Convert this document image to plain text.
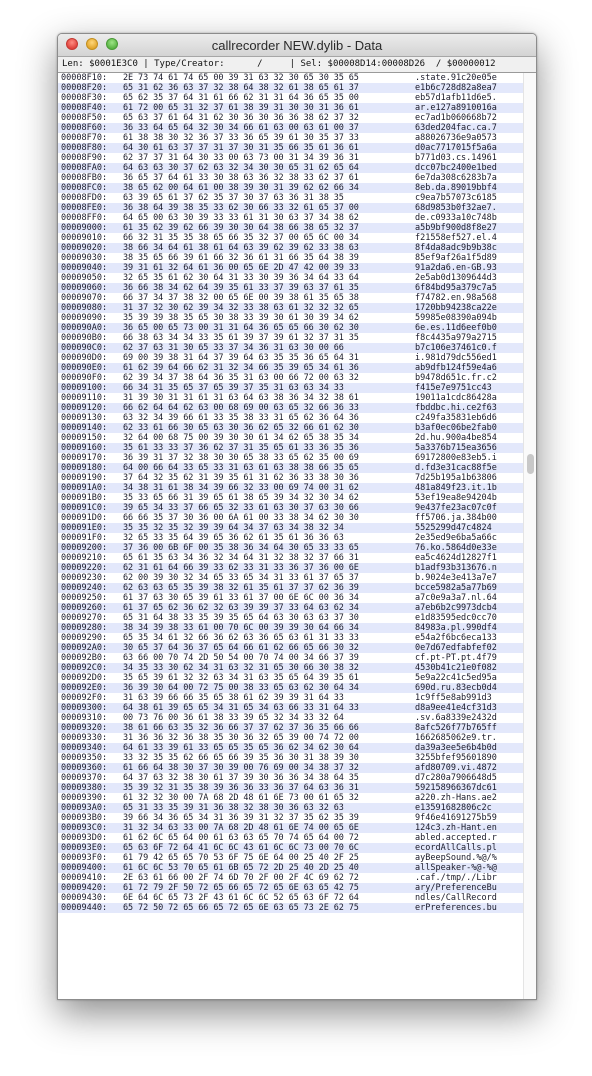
callrecorder NEW.dylib - Data
Len: $0001E3C0 | Type/Creator:      /     | Sel: $00008D14:00008D26  / $00000012
00008F10: 2E 73 74 61 74 65 00 39 31 63 32 30 65 30 35 65	.state.91c20e05e
00008F20: 65 31 62 36 63 37 32 38 64 38 32 61 38 65 61 37	e1b6c728d82a8ea7
00008F30: 65 62 35 37 64 31 61 66 62 31 31 64 36 65 35 00	eb57d1afb11d6e5.
00008F40: 61 72 00 65 31 32 37 61 38 39 31 30 30 31 36 61	ar.e127a8910016a
00008F50: 65 63 37 61 64 31 62 30 36 30 36 36 38 62 37 32	ec7ad1b060668b72
00008F60: 36 33 64 65 64 32 30 34 66 61 63 00 63 61 00 37	63ded204fac.ca.7
00008F70: 61 38 38 30 32 36 37 33 36 65 39 61 30 35 37 33	a88026736e9a0573
00008F80: 64 30 61 63 37 37 31 37 30 31 35 66 35 61 36 61	d0ac7717015f5a6a
00008F90: 62 37 37 31 64 30 33 00 63 73 00 31 34 39 36 31	b771d03.cs.14961
00008FA0: 64 63 63 30 37 62 63 32 34 30 30 65 31 62 65 64	dcc07bc2400e1bed
00008FB0: 36 65 37 64 61 33 30 38 63 36 32 38 33 62 37 61	6e7da308c6283b7a
00008FC0: 38 65 62 00 64 61 00 38 39 30 31 39 62 62 66 34	8eb.da.89019bbf4
00008FD0: 63 39 65 61 37 62 35 37 30 37 63 36 31 38 35	c9ea7b57073c6185
00008FE0: 36 38 64 39 38 35 33 62 30 66 33 32 61 65 37 00	68d9853b0f32ae7.
00008FF0: 64 65 00 63 30 39 33 33 61 31 30 63 37 34 38 62	de.c0933a10c748b
00009000: 61 35 62 39 62 66 39 30 30 64 38 66 38 65 32 37	a5b9bf900d8f8e27
00009010: 66 32 31 35 35 38 65 66 35 32 37 00 65 6C 00 34	f21558ef527.el.4
00009020: 38 66 34 64 61 38 61 64 63 39 62 39 62 33 38 63	8f4da8adc9b9b38c
00009030: 38 35 65 66 39 61 66 32 36 61 31 66 35 64 38 39	85ef9af26a1f5d89
00009040: 39 31 61 32 64 61 36 00 65 6E 2D 47 42 00 39 33	91a2da6.en-GB.93
00009050: 32 65 35 61 62 30 64 31 33 30 39 36 34 64 33 64	2e5ab0d1309644d3
00009060: 36 66 38 34 62 64 39 35 61 33 37 39 63 37 61 35	6f84bd95a379c7a5
00009070: 66 37 34 37 38 32 00 65 6E 00 39 38 61 35 65 38	f74782.en.98a568
00009080: 31 37 32 30 62 39 34 32 33 38 63 61 32 32 32 65	1720bb94238ca22e
00009090: 35 39 39 38 35 65 30 38 33 39 30 61 30 39 34 62	59985e08390a094b
000090A0: 36 65 00 65 73 00 31 31 64 36 65 65 66 30 62 30	6e.es.11d6eef0b0
000090B0: 66 38 63 34 34 33 35 61 39 37 39 61 32 37 31 35	f8c4435a979a2715
000090C0: 62 37 63 31 30 65 33 37 34 36 31 63 30 00 66	b7c106e37461c0.f
000090D0: 69 00 39 38 31 64 37 39 64 63 35 35 36 65 64 31	i.981d79dc556ed1
000090E0: 61 62 39 64 66 62 31 32 34 66 35 39 65 34 61 36	ab9dfb124f59e4a6
000090F0: 62 39 34 37 38 64 36 35 31 63 00 66 72 00 63 32	b9478d651c.fr.c2
00009100: 66 34 31 35 65 37 65 39 37 35 31 63 63 34 33	f415e7e9751cc43
00009110: 31 39 30 31 31 61 31 63 64 63 38 36 34 32 38 61	19011a1cdc86428a
00009120: 66 62 64 64 62 63 00 68 69 00 63 65 32 66 36 33	fbddbc.hi.ce2f63
00009130: 63 32 34 39 66 61 33 35 38 33 31 65 62 36 64 36	c249fa35831eb6d6
00009140: 62 33 61 66 30 65 63 30 36 62 65 32 66 61 62 30	b3af0ec06be2fab0
00009150: 32 64 00 68 75 00 39 30 30 61 34 62 65 38 35 34	2d.hu.900a4be854
00009160: 35 61 33 33 37 36 62 37 31 35 65 61 33 36 35 36	5a3376b715ea3656
00009170: 36 39 31 37 32 38 30 30 65 38 33 65 62 35 00 69	69172800e83eb5.i
00009180: 64 00 66 64 33 65 33 31 63 61 63 38 38 66 35 65	d.fd3e31cac88f5e
00009190: 37 64 32 35 62 31 39 35 61 31 62 36 33 38 30 36	7d25b195a1b63806
000091A0: 34 38 31 61 38 34 39 66 32 33 00 69 74 00 31 62	481a849f23.it.1b
000091B0: 35 33 65 66 31 39 65 61 38 65 39 34 32 30 34 62	53ef19ea8e94204b
000091C0: 39 65 34 33 37 66 65 32 33 61 63 30 37 63 30 66	9e437fe23ac07c0f
000091D0: 66 66 35 37 30 36 00 6A 61 00 33 38 34 62 30 30	ff5706.ja.384b00
000091E0: 35 35 32 35 32 39 39 64 34 37 63 34 38 32 34	5525299d47c4824
000091F0: 32 65 33 35 64 39 65 36 62 61 35 61 36 36 63	2e35ed9e6ba5a66c
00009200: 37 36 00 6B 6F 00 35 38 36 34 64 30 65 33 33 65	76.ko.5864d0e33e
00009210: 65 61 35 63 34 36 32 34 64 31 32 38 32 37 66 31	ea5c4624d12827f1
00009220: 62 31 61 64 66 39 33 62 33 31 33 36 37 36 00 6E	b1adf93b313676.n
00009230: 62 00 39 30 32 34 65 33 65 34 31 33 61 37 65 37	b.9024e3e413a7e7
00009240: 62 63 63 65 35 39 38 32 61 35 61 37 37 62 36 39	bcce5982a5a77b69
00009250: 61 37 63 30 65 39 61 33 61 37 00 6E 6C 00 36 34	a7c0e9a3a7.nl.64
00009260: 61 37 65 62 36 62 32 63 39 39 37 33 64 63 62 34	a7eb6b2c9973dcb4
00009270: 65 31 64 38 33 35 39 35 65 64 63 30 63 63 37 30	e1d83595edc0cc70
00009280: 38 34 39 38 33 61 00 70 6C 00 39 39 30 64 66 34	84983a.pl.990df4
00009290: 65 35 34 61 32 66 36 62 63 36 65 63 61 31 33 33	e54a2f6bc6eca133
000092A0: 30 65 37 64 36 37 65 64 66 61 62 66 65 66 30 32	0e7d67edfabfef02
000092B0: 63 66 00 70 74 2D 50 54 00 70 74 00 34 66 37 39	cf.pt-PT.pt.4f79
000092C0: 34 35 33 30 62 34 31 63 32 31 65 30 66 30 38 32	4530b41c21e0f082
000092D0: 35 65 39 61 32 32 63 34 31 63 35 65 64 39 35 61	5e9a22c41c5ed95a
000092E0: 36 39 30 64 00 72 75 00 38 33 65 63 62 30 64 34	690d.ru.83ecb0d4
000092F0: 31 63 39 66 66 35 65 38 61 62 39 39 31 64 33	1c9ff5e8ab991d3
00009300: 64 38 61 39 65 65 34 31 65 34 63 66 33 31 64 33	d8a9ee41e4cf31d3
00009310: 00 73 76 00 36 61 38 33 39 65 32 34 33 32 64	.sv.6a8339e2432d
00009320: 38 61 66 63 35 32 36 66 37 37 62 37 36 35 66 66	8afc526f77b765ff
00009330: 31 36 36 32 36 38 35 30 36 32 65 39 00 74 72 00	1662685062e9.tr.
00009340: 64 61 33 39 61 33 65 65 35 65 36 62 34 62 30 64	da39a3ee5e6b4b0d
00009350: 33 32 35 35 62 66 65 66 39 35 36 30 31 38 39 30	3255bfef95601890
00009360: 61 66 64 38 30 37 30 39 00 76 69 00 34 38 37 32	afd80709.vi.4872
00009370: 64 37 63 32 38 30 61 37 39 30 36 36 34 38 64 35	d7c280a7906648d5
00009380: 35 39 32 31 35 38 39 36 36 33 36 37 64 63 36 31	592158966367dc61
00009390: 61 32 32 30 00 7A 68 2D 48 61 6E 73 00 61 65 32	a220.zh-Hans.ae2
000093A0: 65 31 33 35 39 31 36 38 32 38 30 36 63 32 63	e13591682806c2c
000093B0: 39 66 34 36 65 34 31 36 39 31 32 37 35 62 35 39	9f46e41691275b59
000093C0: 31 32 34 63 33 00 7A 68 2D 48 61 6E 74 00 65 6E	124c3.zh-Hant.en
000093D0: 61 62 6C 65 64 00 61 63 63 65 70 74 65 64 00 72	abled.accepted.r
000093E0: 65 63 6F 72 64 41 6C 6C 43 61 6C 6C 73 00 70 6C	ecordAllCalls.pl
000093F0: 61 79 42 65 65 70 53 6F 75 6E 64 00 25 40 2F 25	ayBeepSound.%@/%
00009400: 61 6C 6C 53 70 65 61 6B 65 72 2D 25 40 2D 25 40	allSpeaker-%@-%@
00009410: 2E 63 61 66 00 2F 74 6D 70 2F 00 2F 4C 69 62 72	.caf./tmp/./Libr
00009420: 61 72 79 2F 50 72 65 66 65 72 65 6E 63 65 42 75	ary/PreferenceBu
00009430: 6E 64 6C 65 73 2F 43 61 6C 6C 52 65 63 6F 72 64	ndles/CallRecord
00009440: 65 72 50 72 65 66 65 72 65 6E 63 65 73 2E 62 75	erPreferences.bu
